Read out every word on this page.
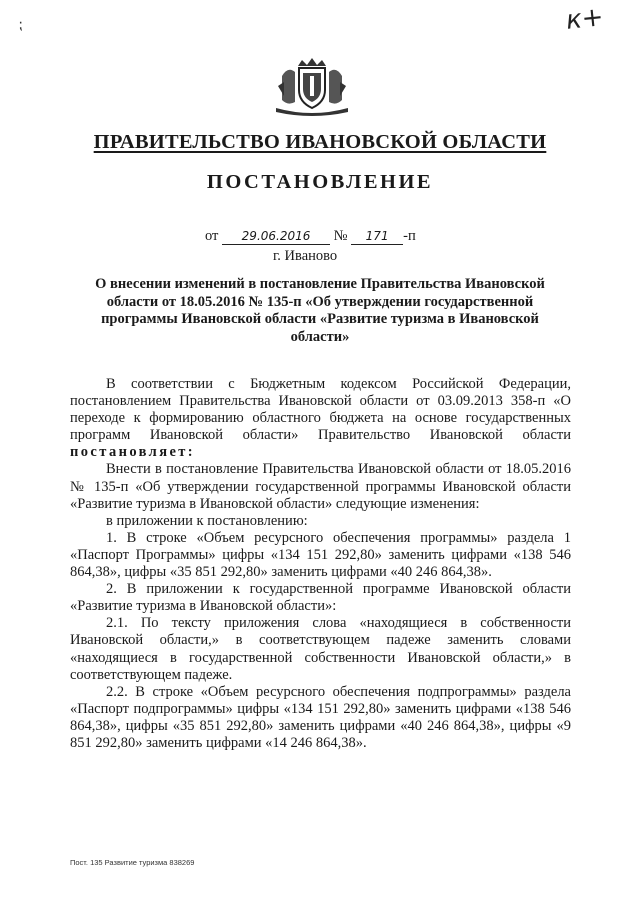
⁏	к+
ПРАВИТЕЛЬСТВО ИВАНОВСКОЙ ОБЛАСТИ
ПОСТАНОВЛЕНИЕ
от 29.06.2016 № 171 -п
г. Иваново

О внесении изменений в постановление Правительства Ивановской области от 18.05.2016 № 135-п «Об утверждении государственной программы Ивановской области «Развитие туризма в Ивановской области»

В соответствии с Бюджетным кодексом Российской Федерации, постановлением Правительства Ивановской области от 03.09.2013 358-п «О переходе к формированию областного бюджета на основе государственных программ Ивановской области» Правительство Ивановской области постановляет:

Внести в постановление Правительства Ивановской области от 18.05.2016 № 135-п «Об утверждении государственной программы Ивановской области «Развитие туризма в Ивановской области» следующие изменения:

в приложении к постановлению:

1. В строке «Объем ресурсного обеспечения программы» раздела 1 «Паспорт Программы» цифры «134 151 292,80» заменить цифрами «138 546 864,38», цифры «35 851 292,80» заменить цифрами «40 246 864,38».

2. В приложении к государственной программе Ивановской области «Развитие туризма в Ивановской области»:

2.1. По тексту приложения слова «находящиеся в собственности Ивановской области,» в соответствующем падеже заменить словами «находящиеся в государственной собственности Ивановской области,» в соответствующем падеже.

2.2. В строке «Объем ресурсного обеспечения подпрограммы» раздела «Паспорт подпрограммы» цифры «134 151 292,80» заменить цифрами «138 546 864,38», цифры «35 851 292,80» заменить цифрами «40 246 864,38», цифры «9 851 292,80» заменить цифрами «14 246 864,38».

Пост. 135 Развитие туризма 838269
